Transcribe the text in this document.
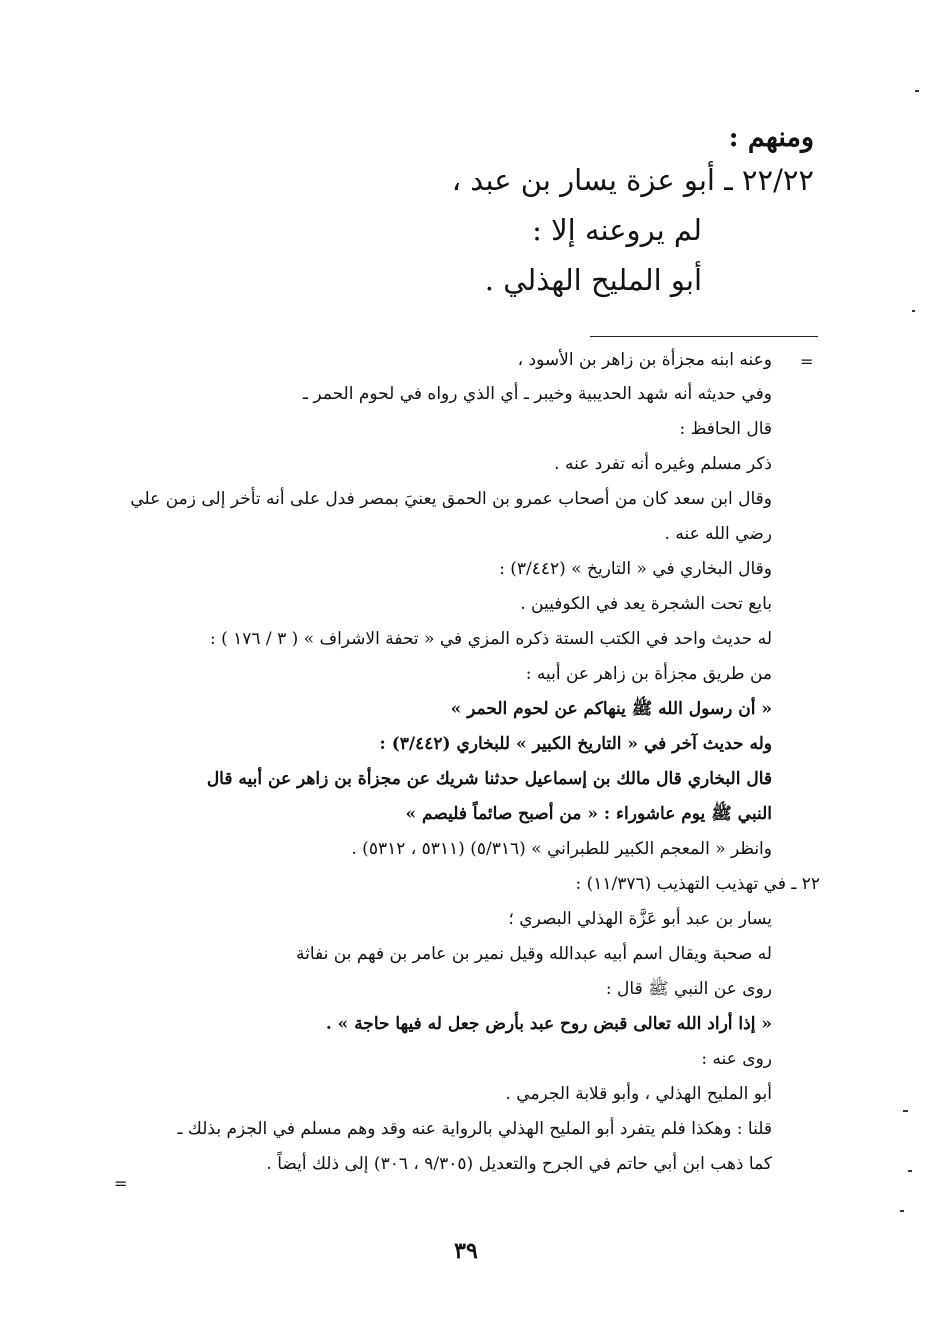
ومنهم :
٢٢/٢٢ ـ أبو عزة يسار بن عبد ،
لم يروعنه إلا :
أبو المليح الهذلي .
=
وعنه ابنه مجزأة بن زاهر بن الأسود ،
وفي حديثه أنه شهد الحديبية وخيبر ـ أي الذي رواه في لحوم الحمر ـ
قال الحافظ :
ذكر مسلم وغيره أنه تفرد عنه .
وقال ابن سعد كان من أصحاب عمرو بن الحمق يعنيَ بمصر فدل على أنه تأخر إلى زمن علي
رضي الله عنه .
وقال البخاري في « التاريخ » (٣/٤٤٢) :
بايع تحت الشجرة يعد في الكوفيين .
له حديث واحد في الكتب الستة ذكره المزي في « تحفة الاشراف » ( ٣ / ١٧٦ ) :
من طريق مجزأة بن زاهر عن أبيه :
« أن رسول الله ﷺ ينهاكم عن لحوم الحمر »
وله حديث آخر في « التاريخ الكبير » للبخاري (٣/٤٤٢) :
قال البخاري قال مالك بن إسماعيل حدثنا شريك عن مجزأة بن زاهر عن أبيه قال
النبي ﷺ يوم عاشوراء : « من أصبح صائماً فليصم »
وانظر « المعجم الكبير للطبراني » (٥/٣١٦) (٥٣١١ ، ٥٣١٢) .
٢٢ ـ في تهذيب التهذيب (١١/٣٧٦) :
يسار بن عبد أبو عَزَّة الهذلي البصري ؛
له صحبة ويقال اسم أبيه عبدالله وقيل نمير بن عامر بن فهم بن نفاثة
روى عن النبي ﷺ قال :
« إذا أراد الله تعالى قبض روح عبد بأرض جعل له فيها حاجة » .
روى عنه :
أبو المليح الهذلي ، وأبو قلابة الجرمي .
قلنا : وهكذا فلم يتفرد أبو المليح الهذلي بالرواية عنه وقد وهم مسلم في الجزم بذلك ـ
كما ذهب ابن أبي حاتم في الجرح والتعديل (٩/٣٠٥ ، ٣٠٦) إلى ذلك أيضاً .
=
٣٩
